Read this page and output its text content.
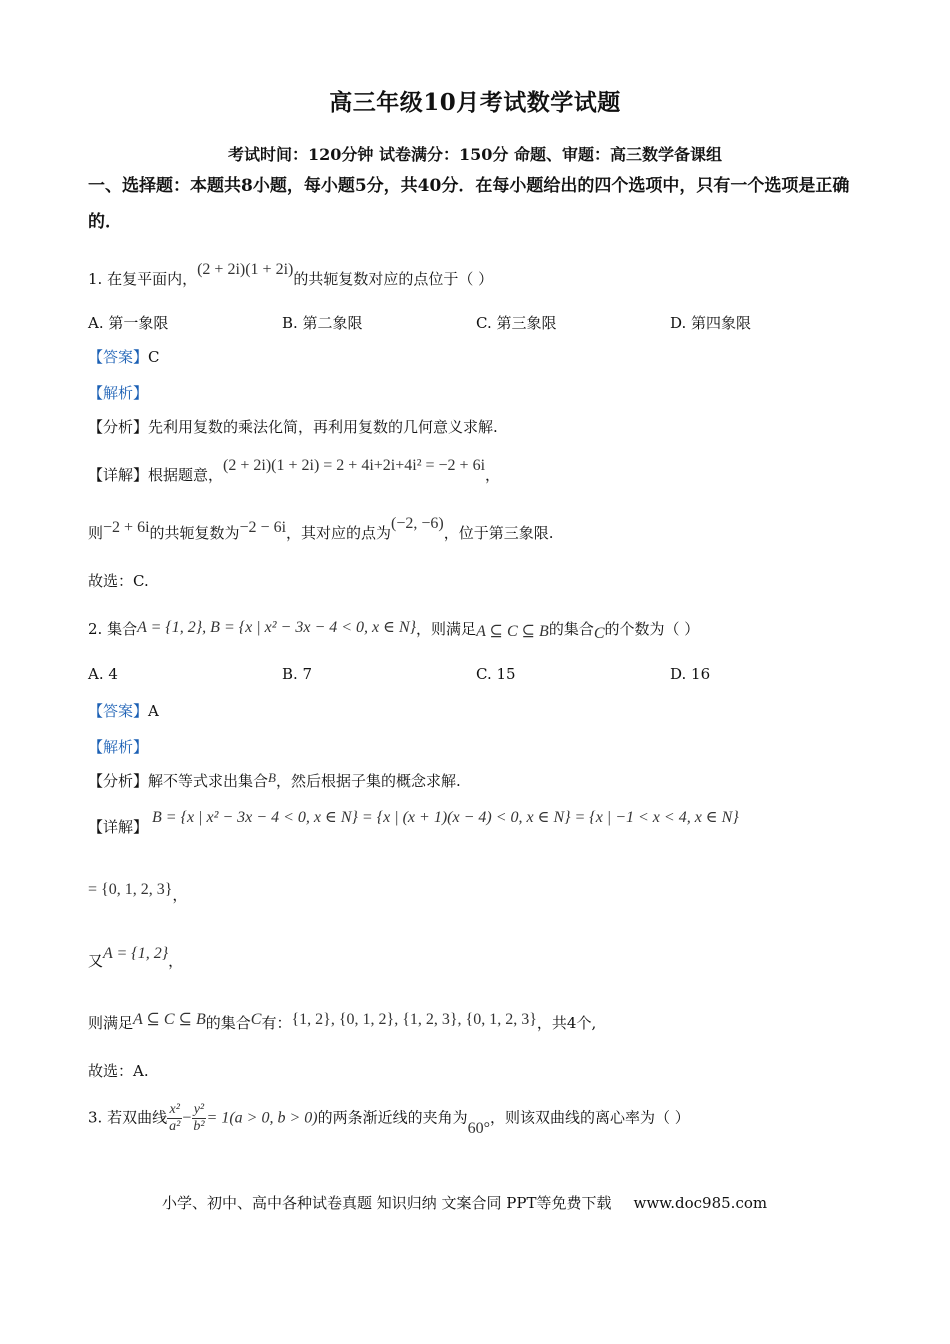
高三年级10月考试数学试题
考试时间：120分钟 试卷满分：150分 命题、审题：高三数学备课组
一、选择题：本题共8小题，每小题5分，共40分．在每小题给出的四个选项中，只有一个选项是正确的．
1. 在复平面内，(2 + 2i)(1 + 2i)的共轭复数对应的点位于（ ）
A. 第一象限	B. 第二象限	C. 第三象限	D. 第四象限
【答案】C
【解析】
【分析】先利用复数的乘法化简，再利用复数的几何意义求解.
【详解】根据题意，(2 + 2i)(1 + 2i) = 2 + 4i+2i+4i² = −2 + 6i，
则−2 + 6i的共轭复数为−2 − 6i，其对应的点为(−2, −6)，位于第三象限.
故选：C.
2. 集合A = {1, 2}, B = {x | x² − 3x − 4 < 0, x ∈ N}，则满足A ⊆ C ⊆ B的集合C的个数为（ ）
A. 4	B. 7	C. 15	D. 16
【答案】A
【解析】
【分析】解不等式求出集合B，然后根据子集的概念求解.
【详解】B = {x | x² − 3x − 4 < 0, x ∈ N} = {x | (x + 1)(x − 4) < 0, x ∈ N} = {x | −1 < x < 4, x ∈ N}
= {0, 1, 2, 3}，
又A = {1, 2}，
则满足A ⊆ C ⊆ B的集合C有：{1, 2}, {0, 1, 2}, {1, 2, 3}, {0, 1, 2, 3}，共4个,
故选：A.
3. 若双曲线 $\frac{\text{x²}}{\text{a²}} - \frac{\text{y²}}{\text{b²}} = 1(a > 0$, b > 0)的两条渐近线的夹角为60°，则该双曲线的离心率为（ ）
小学、初中、高中各种试卷真题 知识归纳 文案合同 PPT等免费下载 www.doc985.com
